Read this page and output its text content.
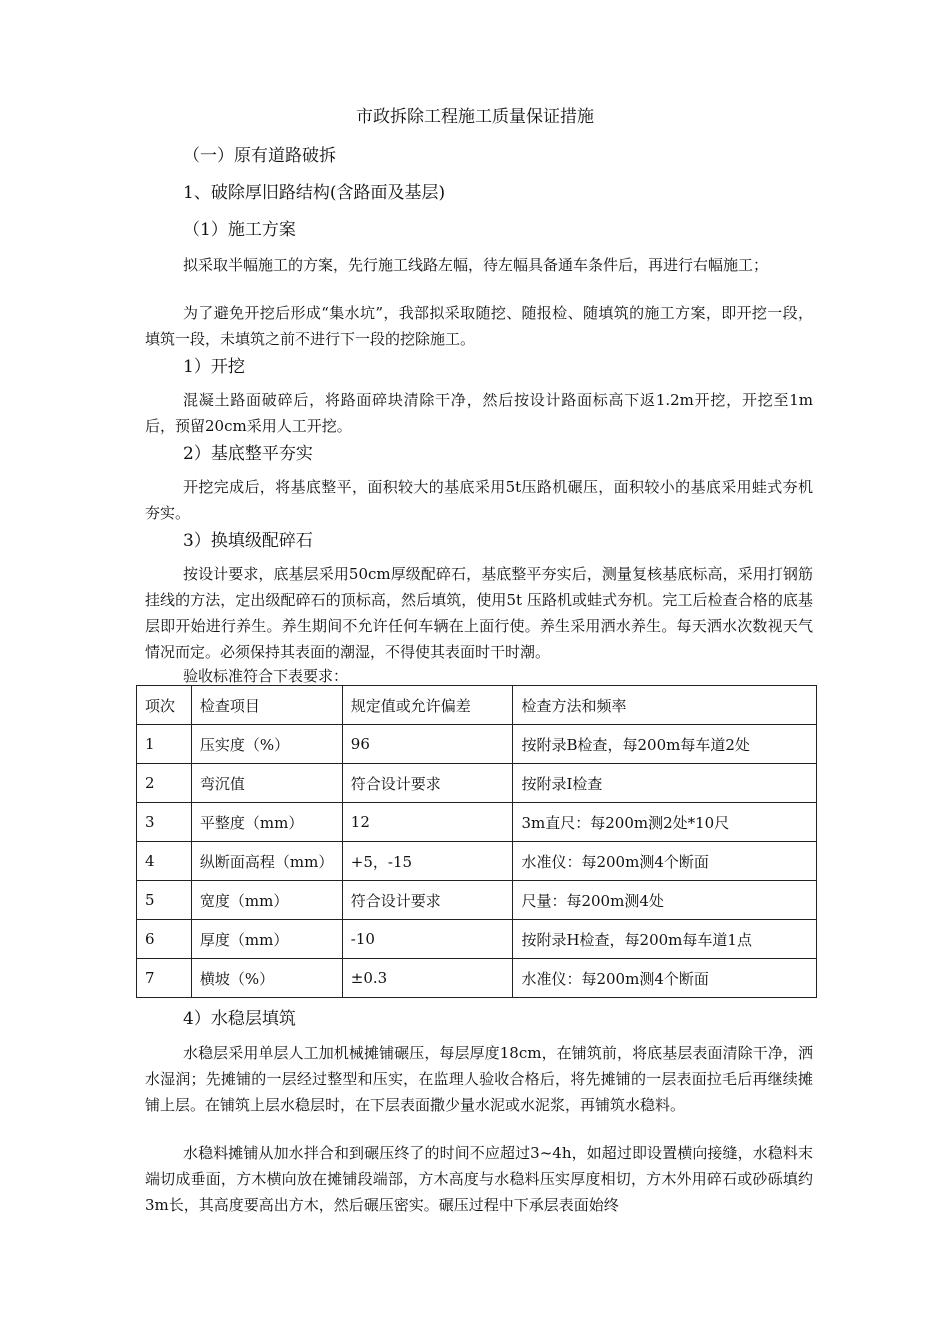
市政拆除工程施工质量保证措施
（一）原有道路破拆
1、破除厚旧路结构(含路面及基层)
（1）施工方案
拟采取半幅施工的方案，先行施工线路左幅，待左幅具备通车条件后，再进行右幅施工；
为了避免开挖后形成“集水坑”，我部拟采取随挖、随报检、随填筑的施工方案，即开挖一段，填筑一段，未填筑之前不进行下一段的挖除施工。
1）开挖
混凝土路面破碎后，将路面碎块清除干净，然后按设计路面标高下返1.2m开挖，开挖至1m后，预留20cm采用人工开挖。
2）基底整平夯实
开挖完成后，将基底整平，面积较大的基底采用5t压路机碾压，面积较小的基底采用蛙式夯机夯实。
3）换填级配碎石
按设计要求，底基层采用50cm厚级配碎石，基底整平夯实后，测量复核基底标高，采用打钢筋挂线的方法，定出级配碎石的顶标高，然后填筑，使用5t 压路机或蛙式夯机。完工后检查合格的底基层即开始进行养生。养生期间不允许任何车辆在上面行使。养生采用洒水养生。每天洒水次数视天气情况而定。必须保持其表面的潮湿，不得使其表面时干时潮。
验收标准符合下表要求：
项次	检查项目	规定值或允许偏差	检查方法和频率
1	压实度（%）	96	按附录B检查，每200m每车道2处
2	弯沉值	符合设计要求	按附录I检查
3	平整度（mm）	12	3m直尺：每200m测2处*10尺
4	纵断面高程（mm）	+5，-15	水准仪：每200m测4个断面
5	宽度（mm）	符合设计要求	尺量：每200m测4处
6	厚度（mm）	-10	按附录H检查，每200m每车道1点
7	横坡（%）	±0.3	水准仪：每200m测4个断面
4）水稳层填筑
水稳层采用单层人工加机械摊铺碾压，每层厚度18cm，在铺筑前，将底基层表面清除干净，洒水湿润；先摊铺的一层经过整型和压实，在监理人验收合格后，将先摊铺的一层表面拉毛后再继续摊铺上层。在铺筑上层水稳层时，在下层表面撒少量水泥或水泥浆，再铺筑水稳料。
水稳料摊铺从加水拌合和到碾压终了的时间不应超过3~4h，如超过即设置横向接缝，水稳料末端切成垂面，方木横向放在摊铺段端部，方木高度与水稳料压实厚度相切，方木外用碎石或砂砾填约3m长，其高度要高出方木，然后碾压密实。碾压过程中下承层表面始终
